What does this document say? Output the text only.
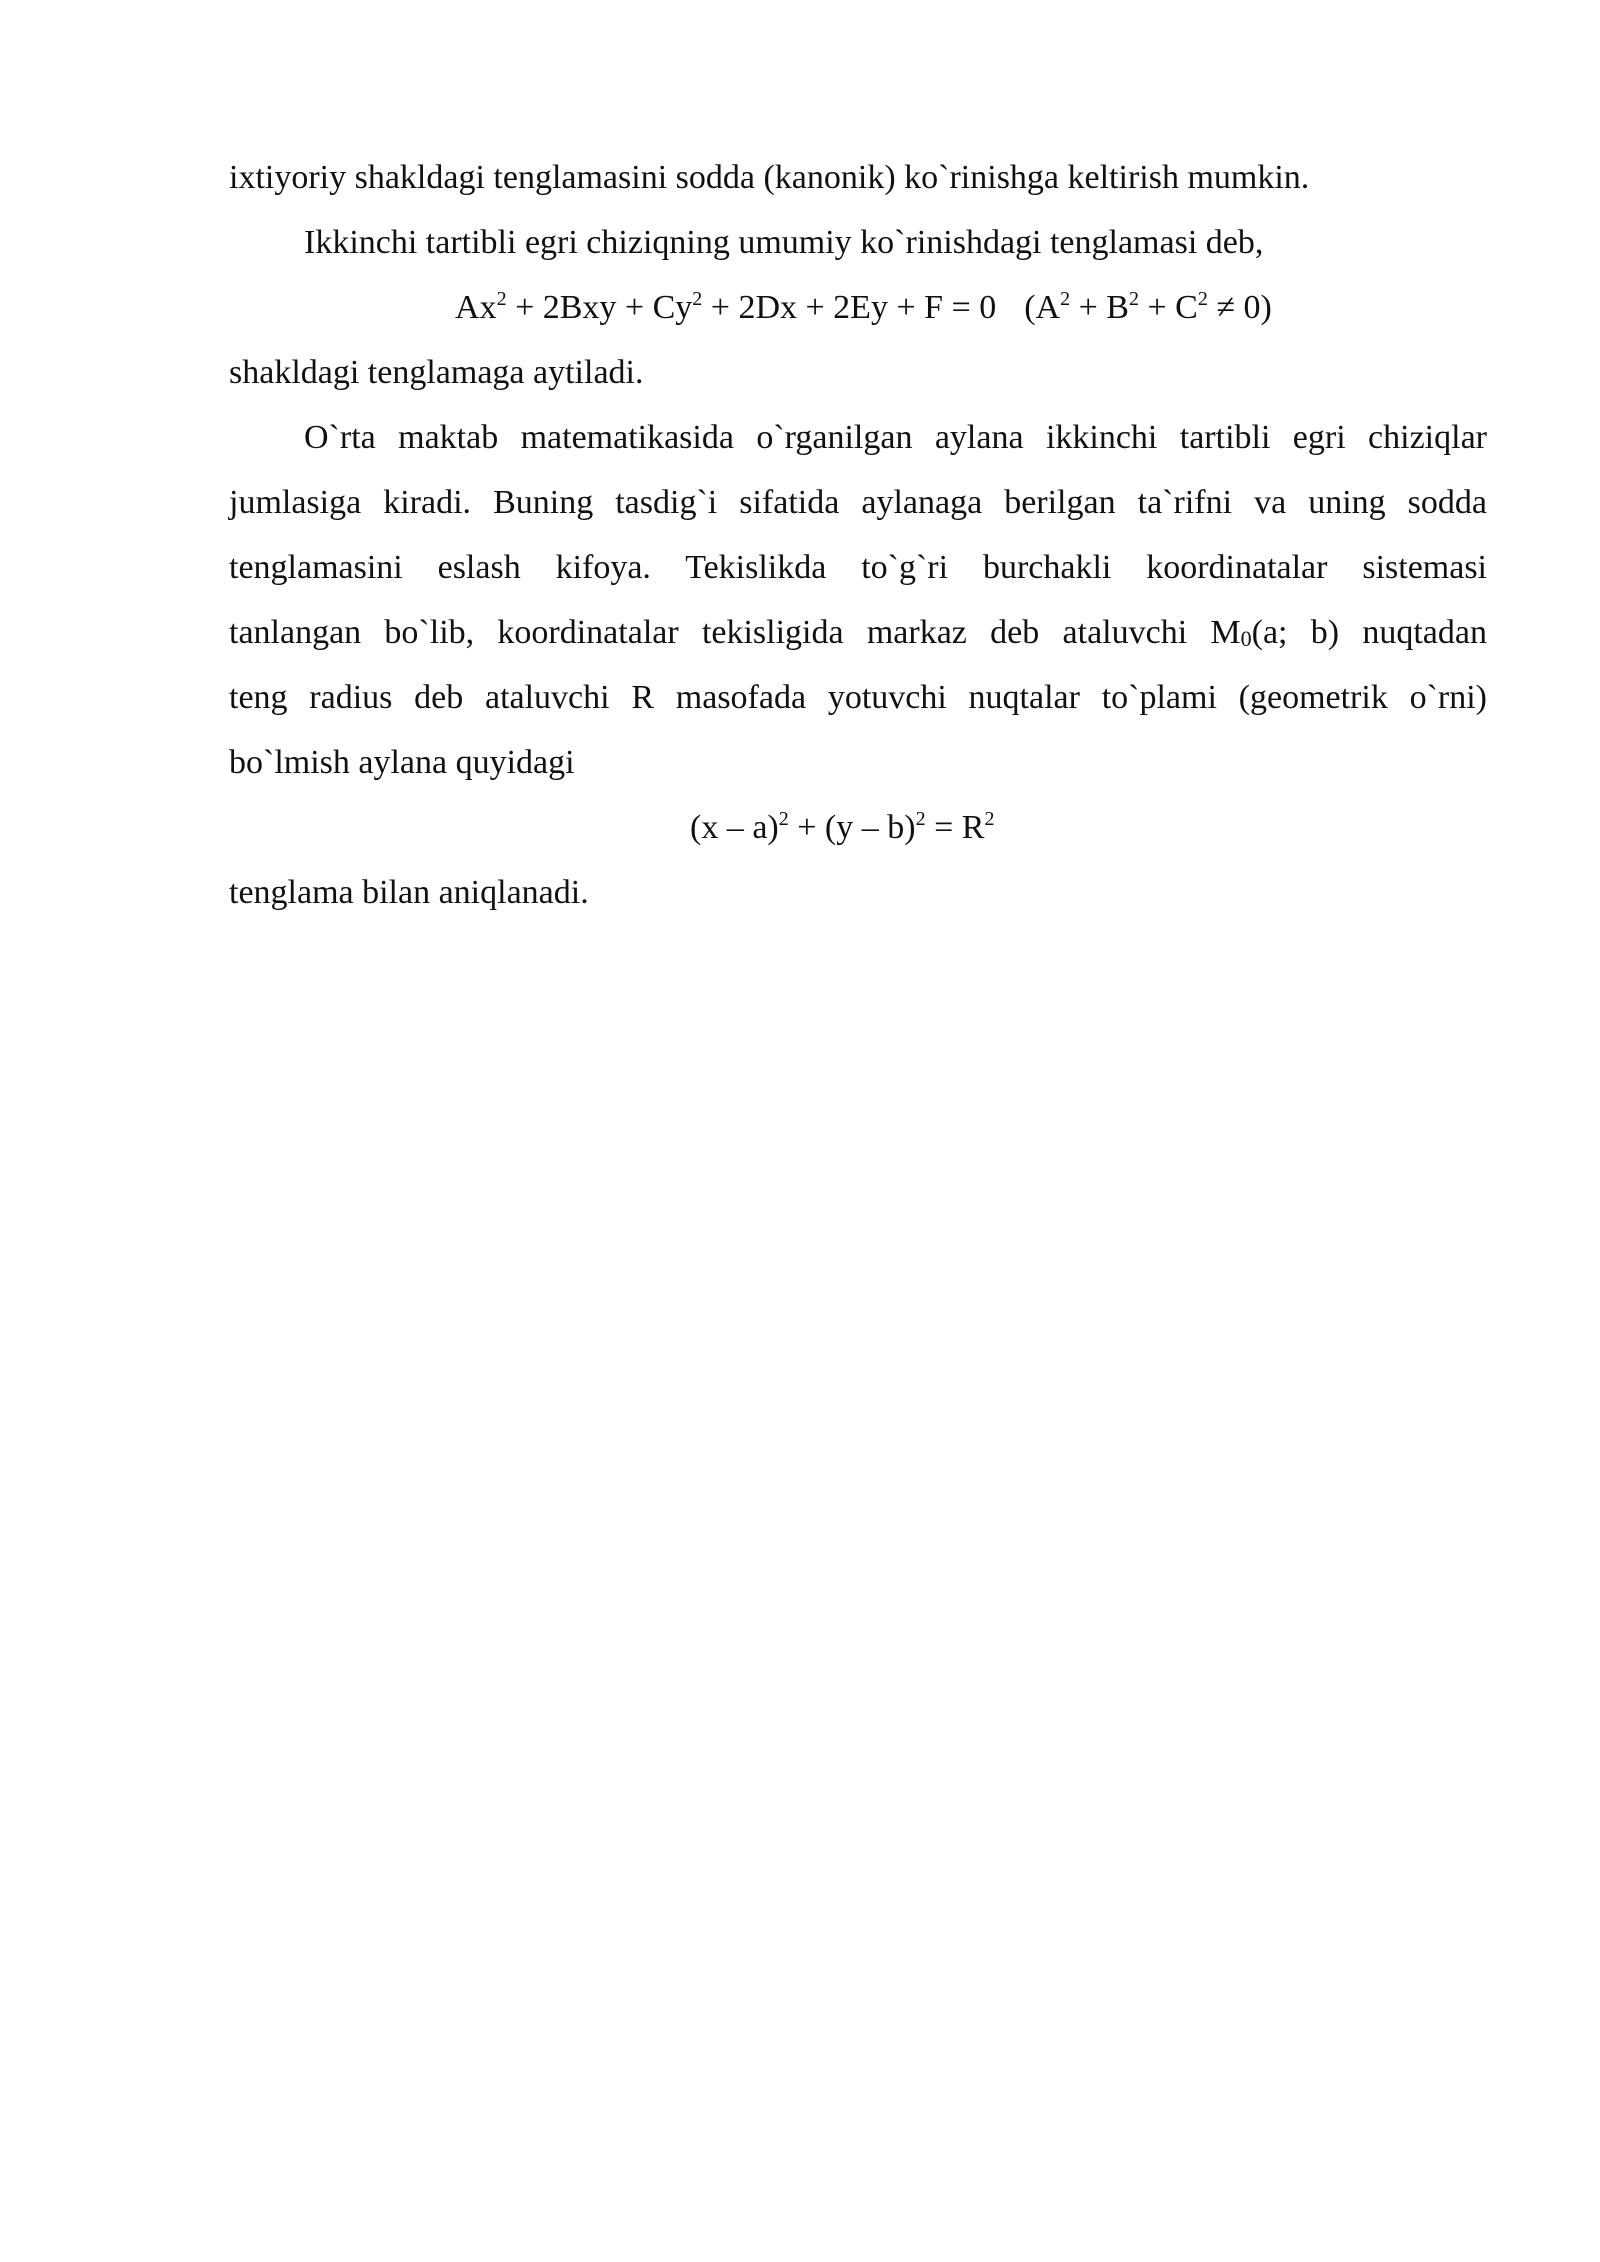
ixtiyoriy shakldagi tenglamasini sodda (kanonik) ko`rinishga keltirish mumkin.
Ikkinchi tartibli egri chiziqning umumiy ko`rinishdagi tenglamasi deb,
$Ax^2 + 2Bxy + Cy^2 + 2Dx + 2Ey + F = 0$ $(A^2 + B^2 + C^2 \ne 0)$
shakldagi tenglamaga aytiladi.
O`rta maktab matematikasida o`rganilgan aylana ikkinchi tartibli egri chiziqlar
jumlasiga kiradi. Buning tasdig`i sifatida aylanaga berilgan ta`rifni va uning sodda
tenglamasini eslash kifoya. Tekislikda to`g`ri burchakli koordinatalar sistemasi
tanlangan bo`lib, koordinatalar tekisligida markaz deb ataluvchi $M_0(a$; b) nuqtadan
teng radius deb ataluvchi R masofada yotuvchi nuqtalar to`plami (geometrik o`rni)
bo`lmish aylana quyidagi
$(x - a)^2 + (y - b)^2 = R^2$
tenglama bilan aniqlanadi.
